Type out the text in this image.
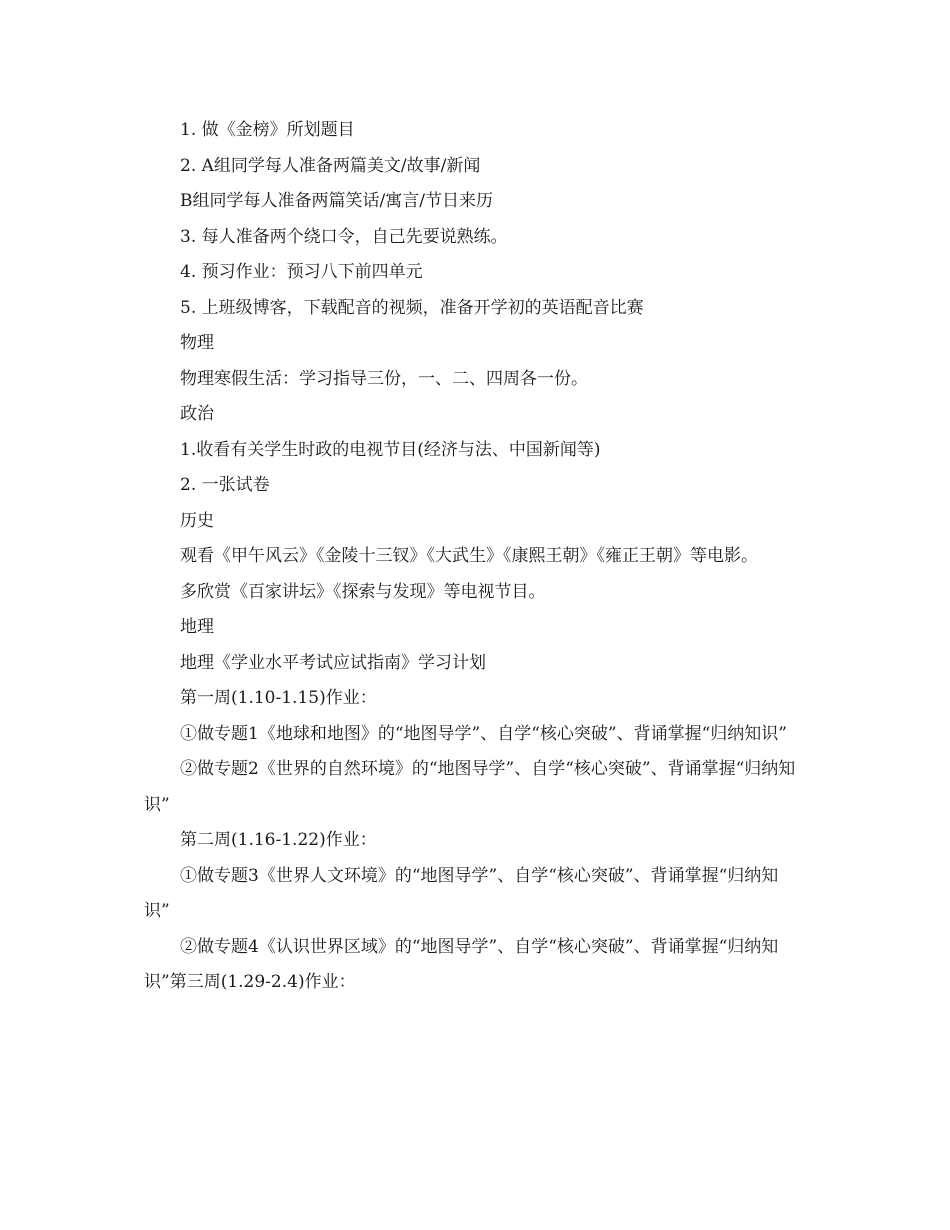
1. 做《金榜》所划题目
2. A组同学每人准备两篇美文/故事/新闻
B组同学每人准备两篇笑话/寓言/节日来历
3. 每人准备两个绕口令，自己先要说熟练。
4. 预习作业：预习八下前四单元
5. 上班级博客，下载配音的视频，准备开学初的英语配音比赛
物理
物理寒假生活：学习指导三份，一、二、四周各一份。
政治
1.收看有关学生时政的电视节目(经济与法、中国新闻等)
2. 一张试卷
历史
观看《甲午风云》《金陵十三钗》《大武生》《康熙王朝》《雍正王朝》等电影。
多欣赏《百家讲坛》《探索与发现》等电视节目。
地理
地理《学业水平考试应试指南》学习计划
第一周(1.10-1.15)作业：
①做专题1《地球和地图》的“地图导学”、自学“核心突破”、背诵掌握“归纳知识”
②做专题2《世界的自然环境》的“地图导学”、自学“核心突破”、背诵掌握“归纳知识”
第二周(1.16-1.22)作业：
①做专题3《世界人文环境》的“地图导学”、自学“核心突破”、背诵掌握“归纳知识”
②做专题4《认识世界区域》的“地图导学”、自学“核心突破”、背诵掌握“归纳知识”第三周(1.29-2.4)作业：
